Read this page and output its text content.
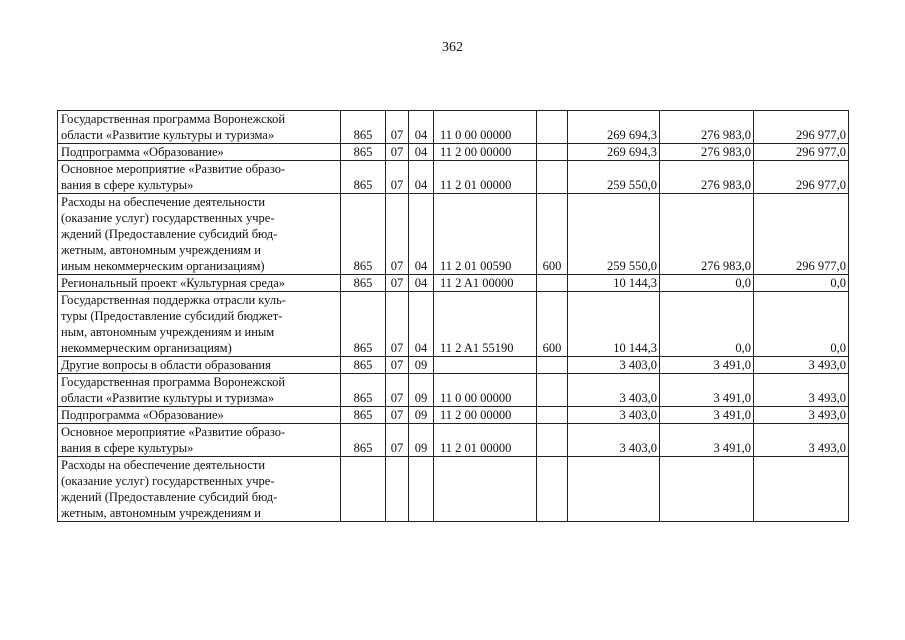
362
Государственная программа Воронежской
области «Развитие культуры и туризма»	865	07	04	11 0 00 00000		269 694,3	276 983,0	296 977,0

Подпрограмма «Образование»	865	07	04	11 2 00 00000		269 694,3	276 983,0	296 977,0

Основное мероприятие «Развитие образо-
вания в сфере культуры»	865	07	04	11 2 01 00000		259 550,0	276 983,0	296 977,0

Расходы на обеспечение деятельности
(оказание услуг) государственных учре-
ждений (Предоставление субсидий бюд-
жетным, автономным учреждениям и
иным некоммерческим организациям)	865	07	04	11 2 01 00590	600	259 550,0	276 983,0	296 977,0

Региональный проект «Культурная среда»	865	07	04	11 2 A1 00000		10 144,3	0,0	0,0

Государственная поддержка отрасли куль-
туры (Предоставление субсидий бюджет-
ным, автономным учреждениям и иным
некоммерческим организациям)	865	07	04	11 2 A1 55190	600	10 144,3	0,0	0,0

Другие вопросы в области образования	865	07	09			3 403,0	3 491,0	3 493,0

Государственная программа Воронежской
области «Развитие культуры и туризма»	865	07	09	11 0 00 00000		3 403,0	3 491,0	3 493,0

Подпрограмма «Образование»	865	07	09	11 2 00 00000		3 403,0	3 491,0	3 493,0

Основное мероприятие «Развитие образо-
вания в сфере культуры»	865	07	09	11 2 01 00000		3 403,0	3 491,0	3 493,0

Расходы на обеспечение деятельности
(оказание услуг) государственных учре-
ждений (Предоставление субсидий бюд-
жетным, автономным учреждениям и								
